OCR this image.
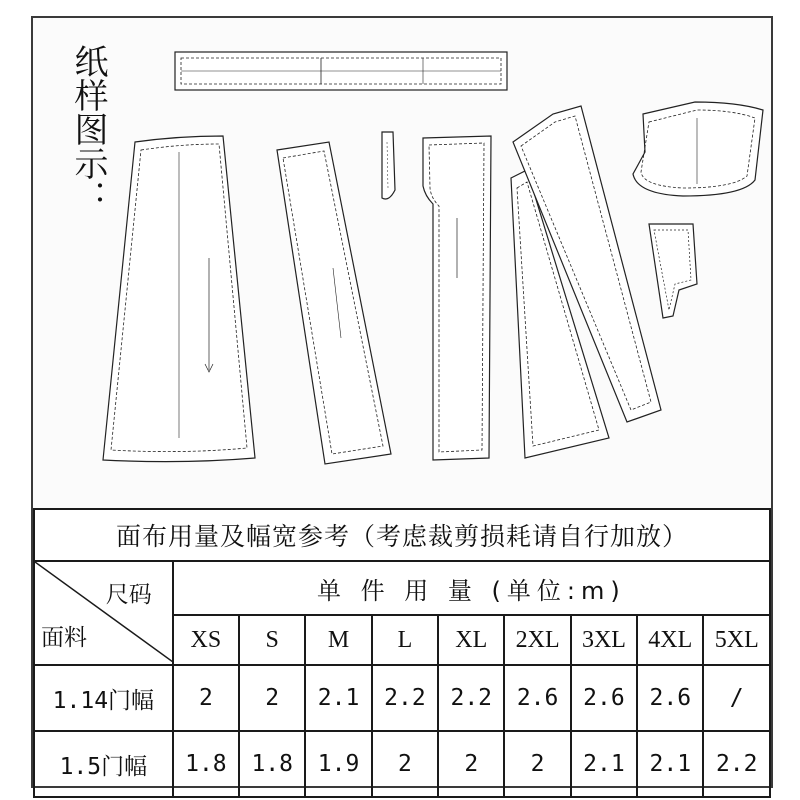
纸样图示：
面布用量及幅宽参考（考虑裁剪损耗请自行加放）									

尺码
面料	单 件 用 量 (单位:m)								
	XS	S	M	L	XL	2XL	3XL	4XL	5XL
1.14门幅	2	2	2.1	2.2	2.2	2.6	2.6	2.6	/
1.5门幅	1.8	1.8	1.9	2	2	2	2.1	2.1	2.2
